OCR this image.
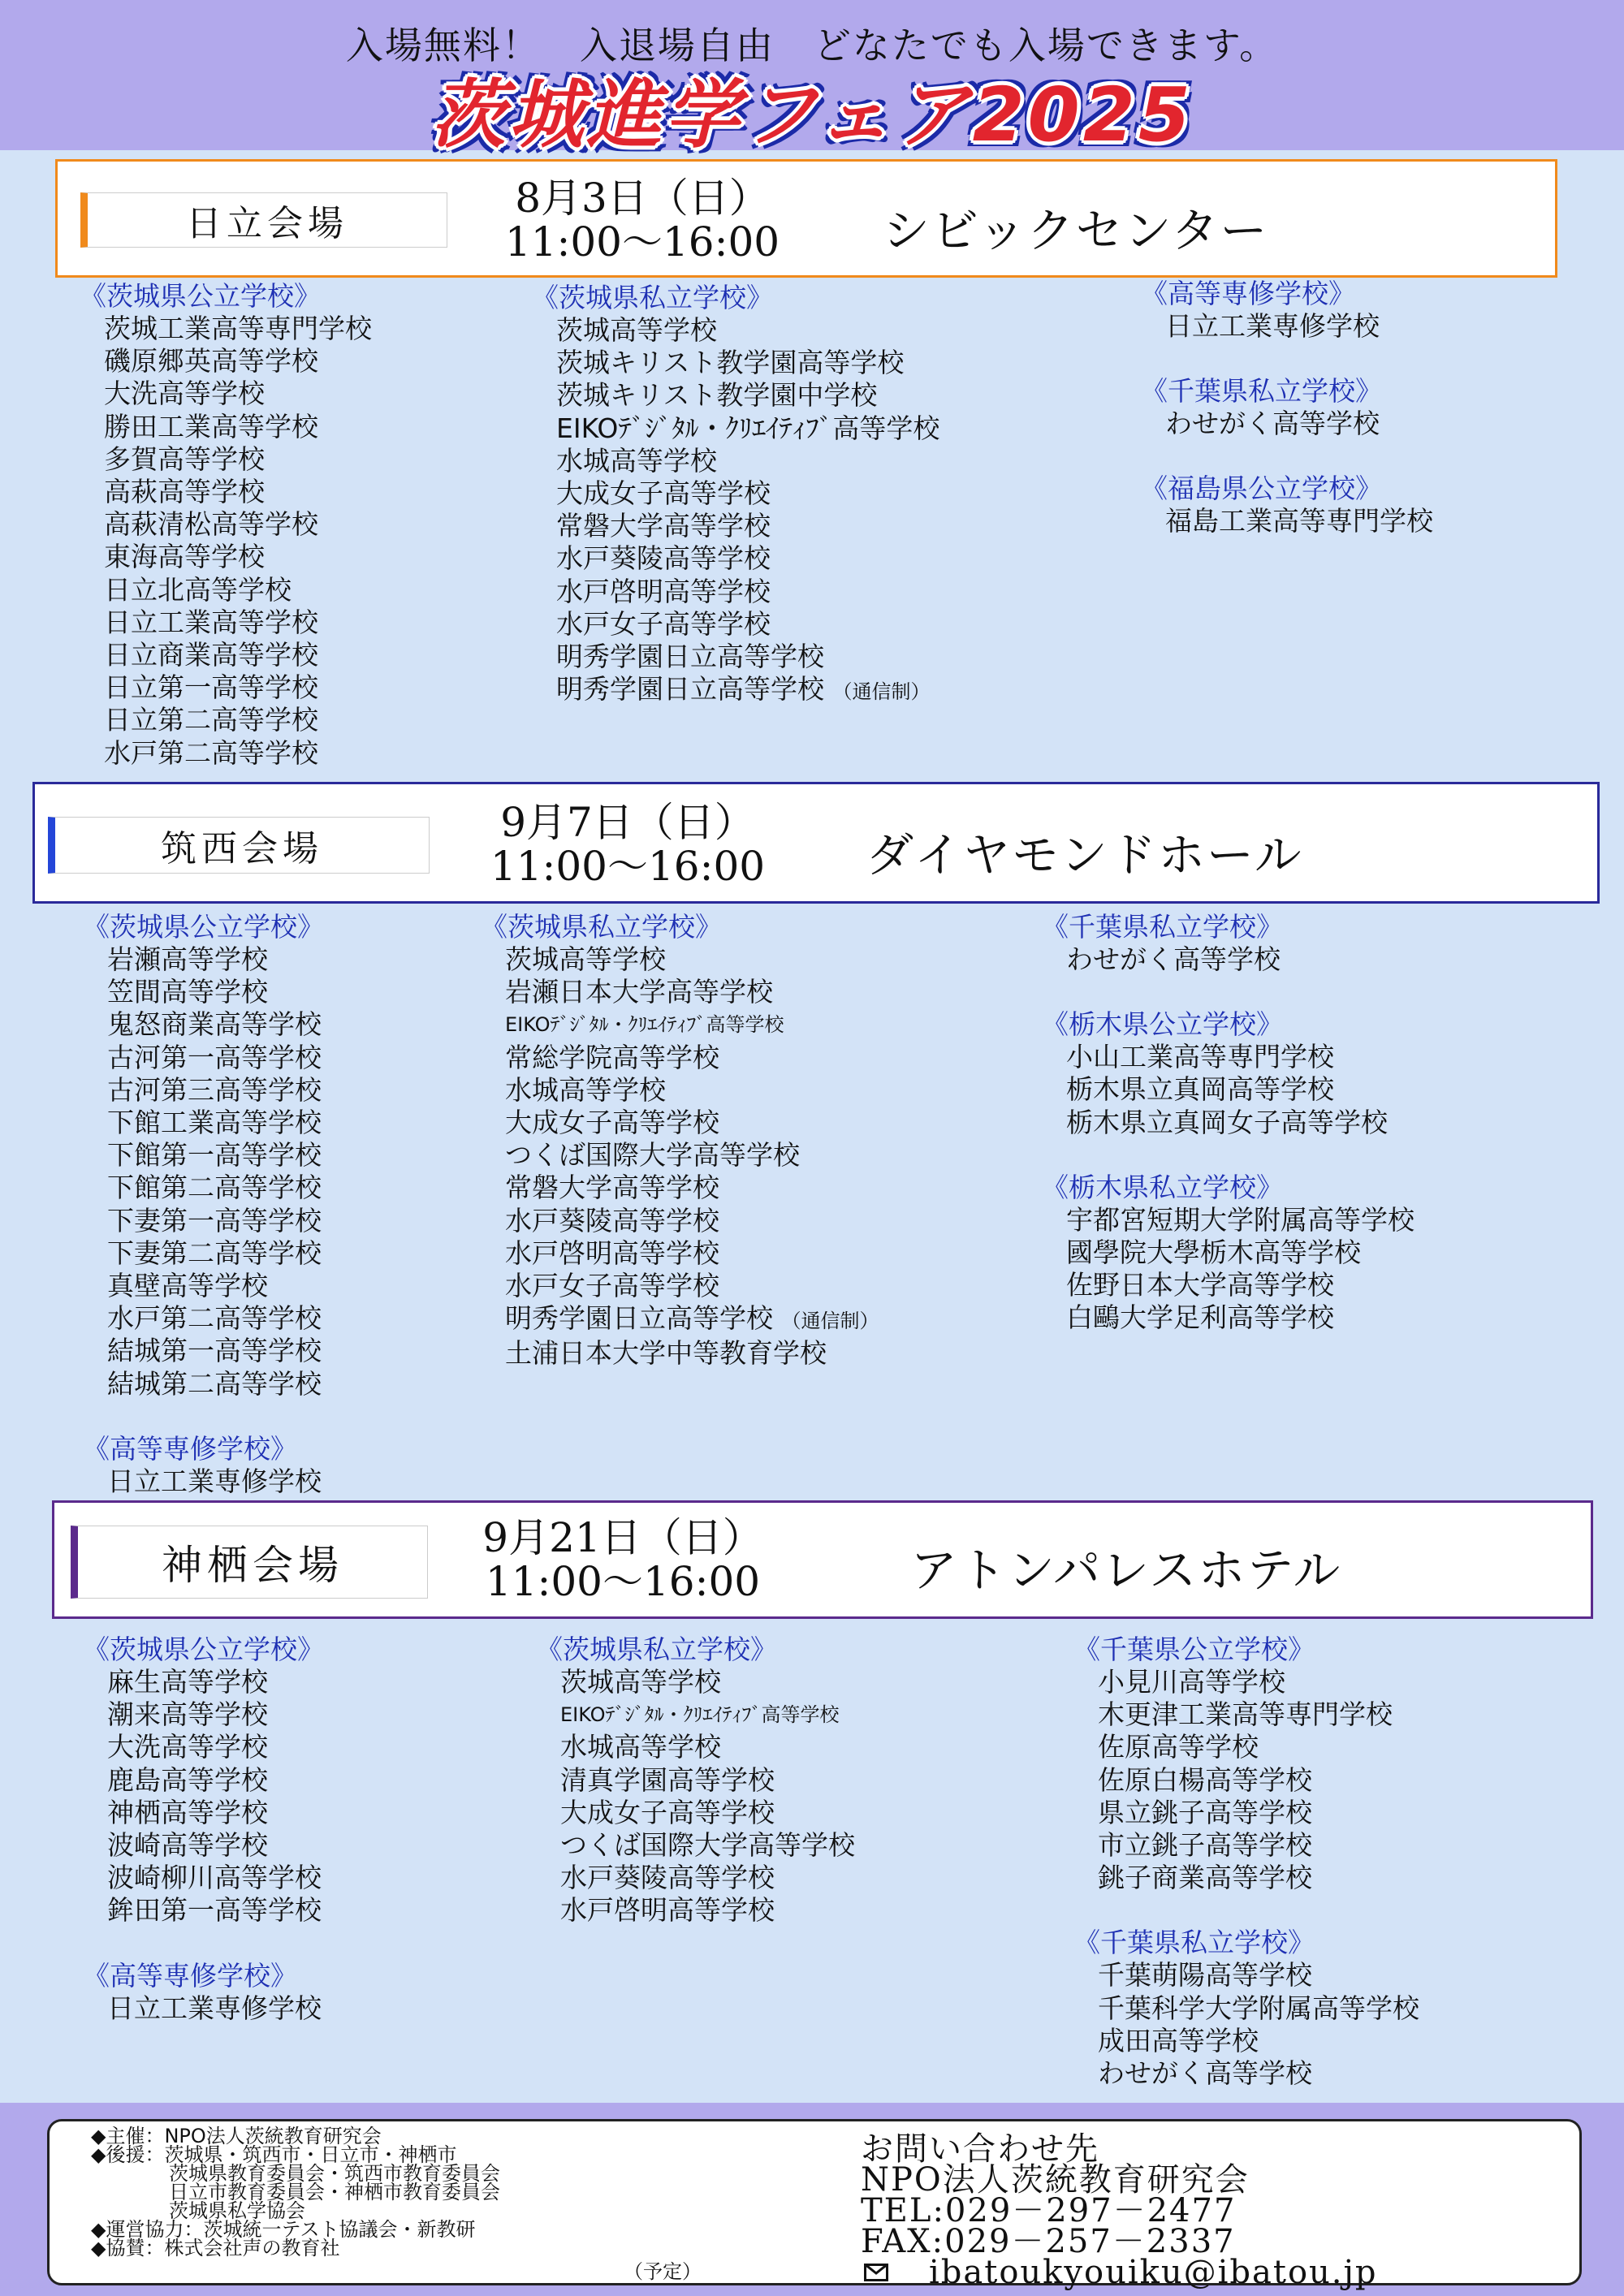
入場無料！　入退場自由　どなたでも入場できます。
茨城進学フェア2025
日立会場
8月3日（日）
11:00～16:00	シビックセンター
《茨城県公立学校》
茨城工業高等専門学校
磯原郷英高等学校
大洗高等学校
勝田工業高等学校
多賀高等学校
高萩高等学校
高萩清松高等学校
東海高等学校
日立北高等学校
日立工業高等学校
日立商業高等学校
日立第一高等学校
日立第二高等学校
水戸第二高等学校
《茨城県私立学校》
茨城高等学校
茨城キリスト教学園高等学校
茨城キリスト教学園中学校
EIKOﾃﾞｼﾞﾀﾙ・ｸﾘｴｲﾃｨﾌﾞ高等学校
水城高等学校
大成女子高等学校
常磐大学高等学校
水戸葵陵高等学校
水戸啓明高等学校
水戸女子高等学校
明秀学園日立高等学校
明秀学園日立高等学校 （通信制）
《高等専修学校》
日立工業専修学校
《千葉県私立学校》
わせがく高等学校
《福島県公立学校》
福島工業高等専門学校
筑西会場
9月7日（日）
11:00～16:00	ダイヤモンドホール
《茨城県公立学校》
岩瀬高等学校
笠間高等学校
鬼怒商業高等学校
古河第一高等学校
古河第三高等学校
下館工業高等学校
下館第一高等学校
下館第二高等学校
下妻第一高等学校
下妻第二高等学校
真壁高等学校
水戸第二高等学校
結城第一高等学校
結城第二高等学校
《高等専修学校》
日立工業専修学校
《茨城県私立学校》
茨城高等学校
岩瀬日本大学高等学校
EIKOﾃﾞｼﾞﾀﾙ・ｸﾘｴｲﾃｨﾌﾞ高等学校
常総学院高等学校
水城高等学校
大成女子高等学校
つくば国際大学高等学校
常磐大学高等学校
水戸葵陵高等学校
水戸啓明高等学校
水戸女子高等学校
明秀学園日立高等学校 （通信制）
土浦日本大学中等教育学校
《千葉県私立学校》
わせがく高等学校
《栃木県公立学校》
小山工業高等専門学校
栃木県立真岡高等学校
栃木県立真岡女子高等学校
《栃木県私立学校》
宇都宮短期大学附属高等学校
國學院大學栃木高等学校
佐野日本大学高等学校
白鷗大学足利高等学校
神栖会場
9月21日（日）
11:00～16:00	アトンパレスホテル
《茨城県公立学校》
麻生高等学校
潮来高等学校
大洗高等学校
鹿島高等学校
神栖高等学校
波崎高等学校
波崎柳川高等学校
鉾田第一高等学校
《高等専修学校》
日立工業専修学校
《茨城県私立学校》
茨城高等学校
EIKOﾃﾞｼﾞﾀﾙ・ｸﾘｴｲﾃｨﾌﾞ高等学校
水城高等学校
清真学園高等学校
大成女子高等学校
つくば国際大学高等学校
水戸葵陵高等学校
水戸啓明高等学校
《千葉県公立学校》
小見川高等学校
木更津工業高等専門学校
佐原高等学校
佐原白楊高等学校
県立銚子高等学校
市立銚子高等学校
銚子商業高等学校
《千葉県私立学校》
千葉萌陽高等学校
千葉科学大学附属高等学校
成田高等学校
わせがく高等学校
◆主催：NPO法人茨統教育研究会
◆後援：茨城県・筑西市・日立市・神栖市
　　　　茨城県教育委員会・筑西市教育委員会
　　　　日立市教育委員会・神栖市教育委員会
　　　　茨城県私学協会
◆運営協力：茨城統一テスト協議会・新教研
◆協賛：株式会社声の教育社
（予定）
お問い合わせ先
NPO法人茨統教育研究会
TEL:029－297－2477
FAX:029－257－2337
ibatoukyouiku@ibatou.jp
